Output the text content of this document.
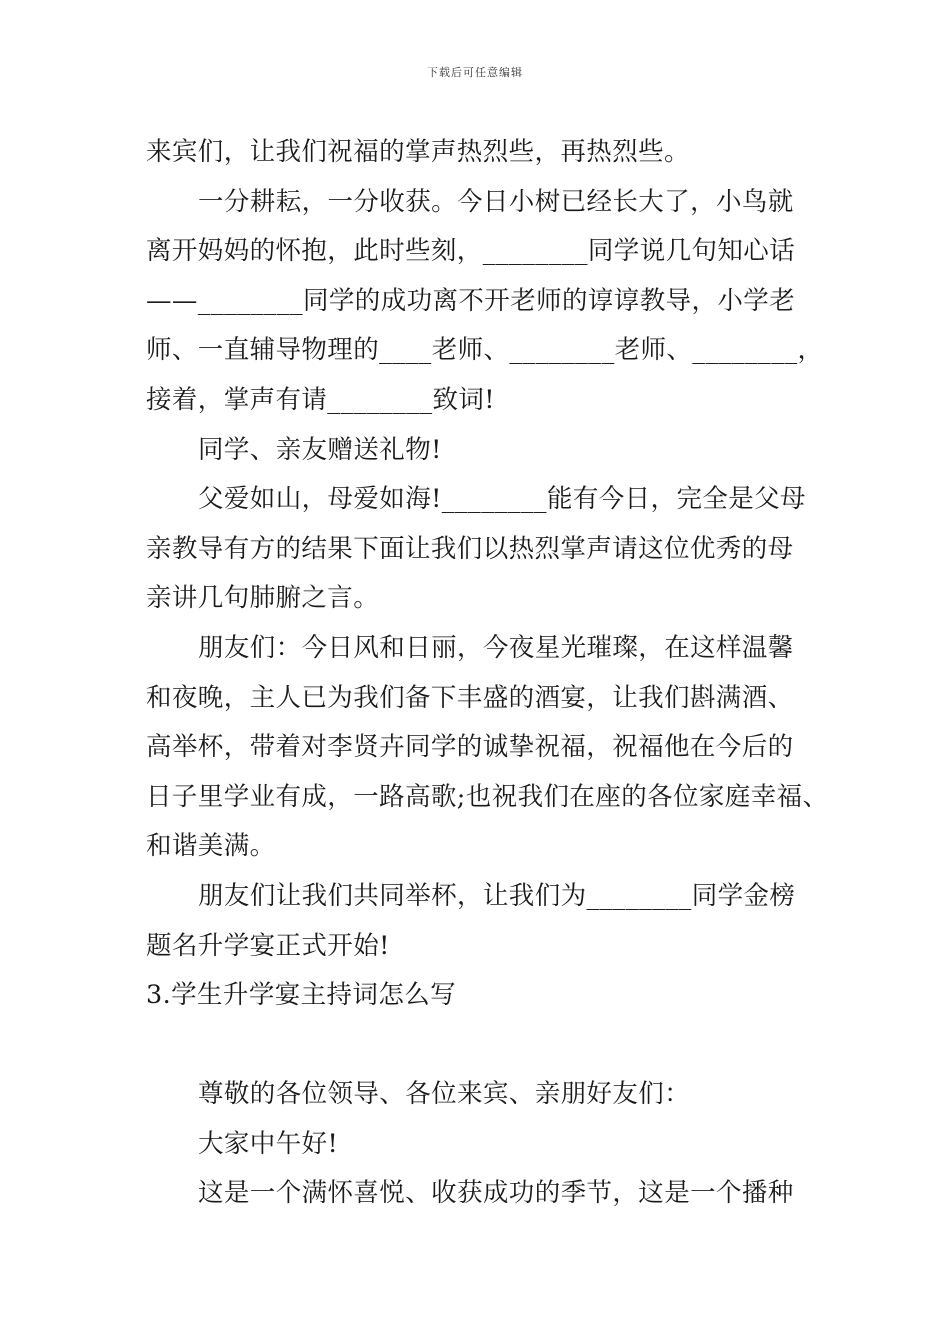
下载后可任意编辑
来宾们，让我们祝福的掌声热烈些，再热烈些。
一分耕耘，一分收获。今日小树已经长大了，小鸟就
离开妈妈的怀抱，此时些刻，________同学说几句知心话
——________同学的成功离不开老师的谆谆教导，小学老
师、一直辅导物理的____老师、________老师、________，
接着，掌声有请________致词!
同学、亲友赠送礼物!
父爱如山，母爱如海!________能有今日，完全是父母
亲教导有方的结果下面让我们以热烈掌声请这位优秀的母
亲讲几句肺腑之言。
朋友们：今日风和日丽，今夜星光璀璨，在这样温馨
和夜晚，主人已为我们备下丰盛的酒宴，让我们斟满酒、
高举杯，带着对李贤卉同学的诚挚祝福，祝福他在今后的
日子里学业有成，一路高歌;也祝我们在座的各位家庭幸福、
和谐美满。
朋友们让我们共同举杯，让我们为________同学金榜
题名升学宴正式开始!
3.学生升学宴主持词怎么写
尊敬的各位领导、各位来宾、亲朋好友们：
大家中午好!
这是一个满怀喜悦、收获成功的季节，这是一个播种
